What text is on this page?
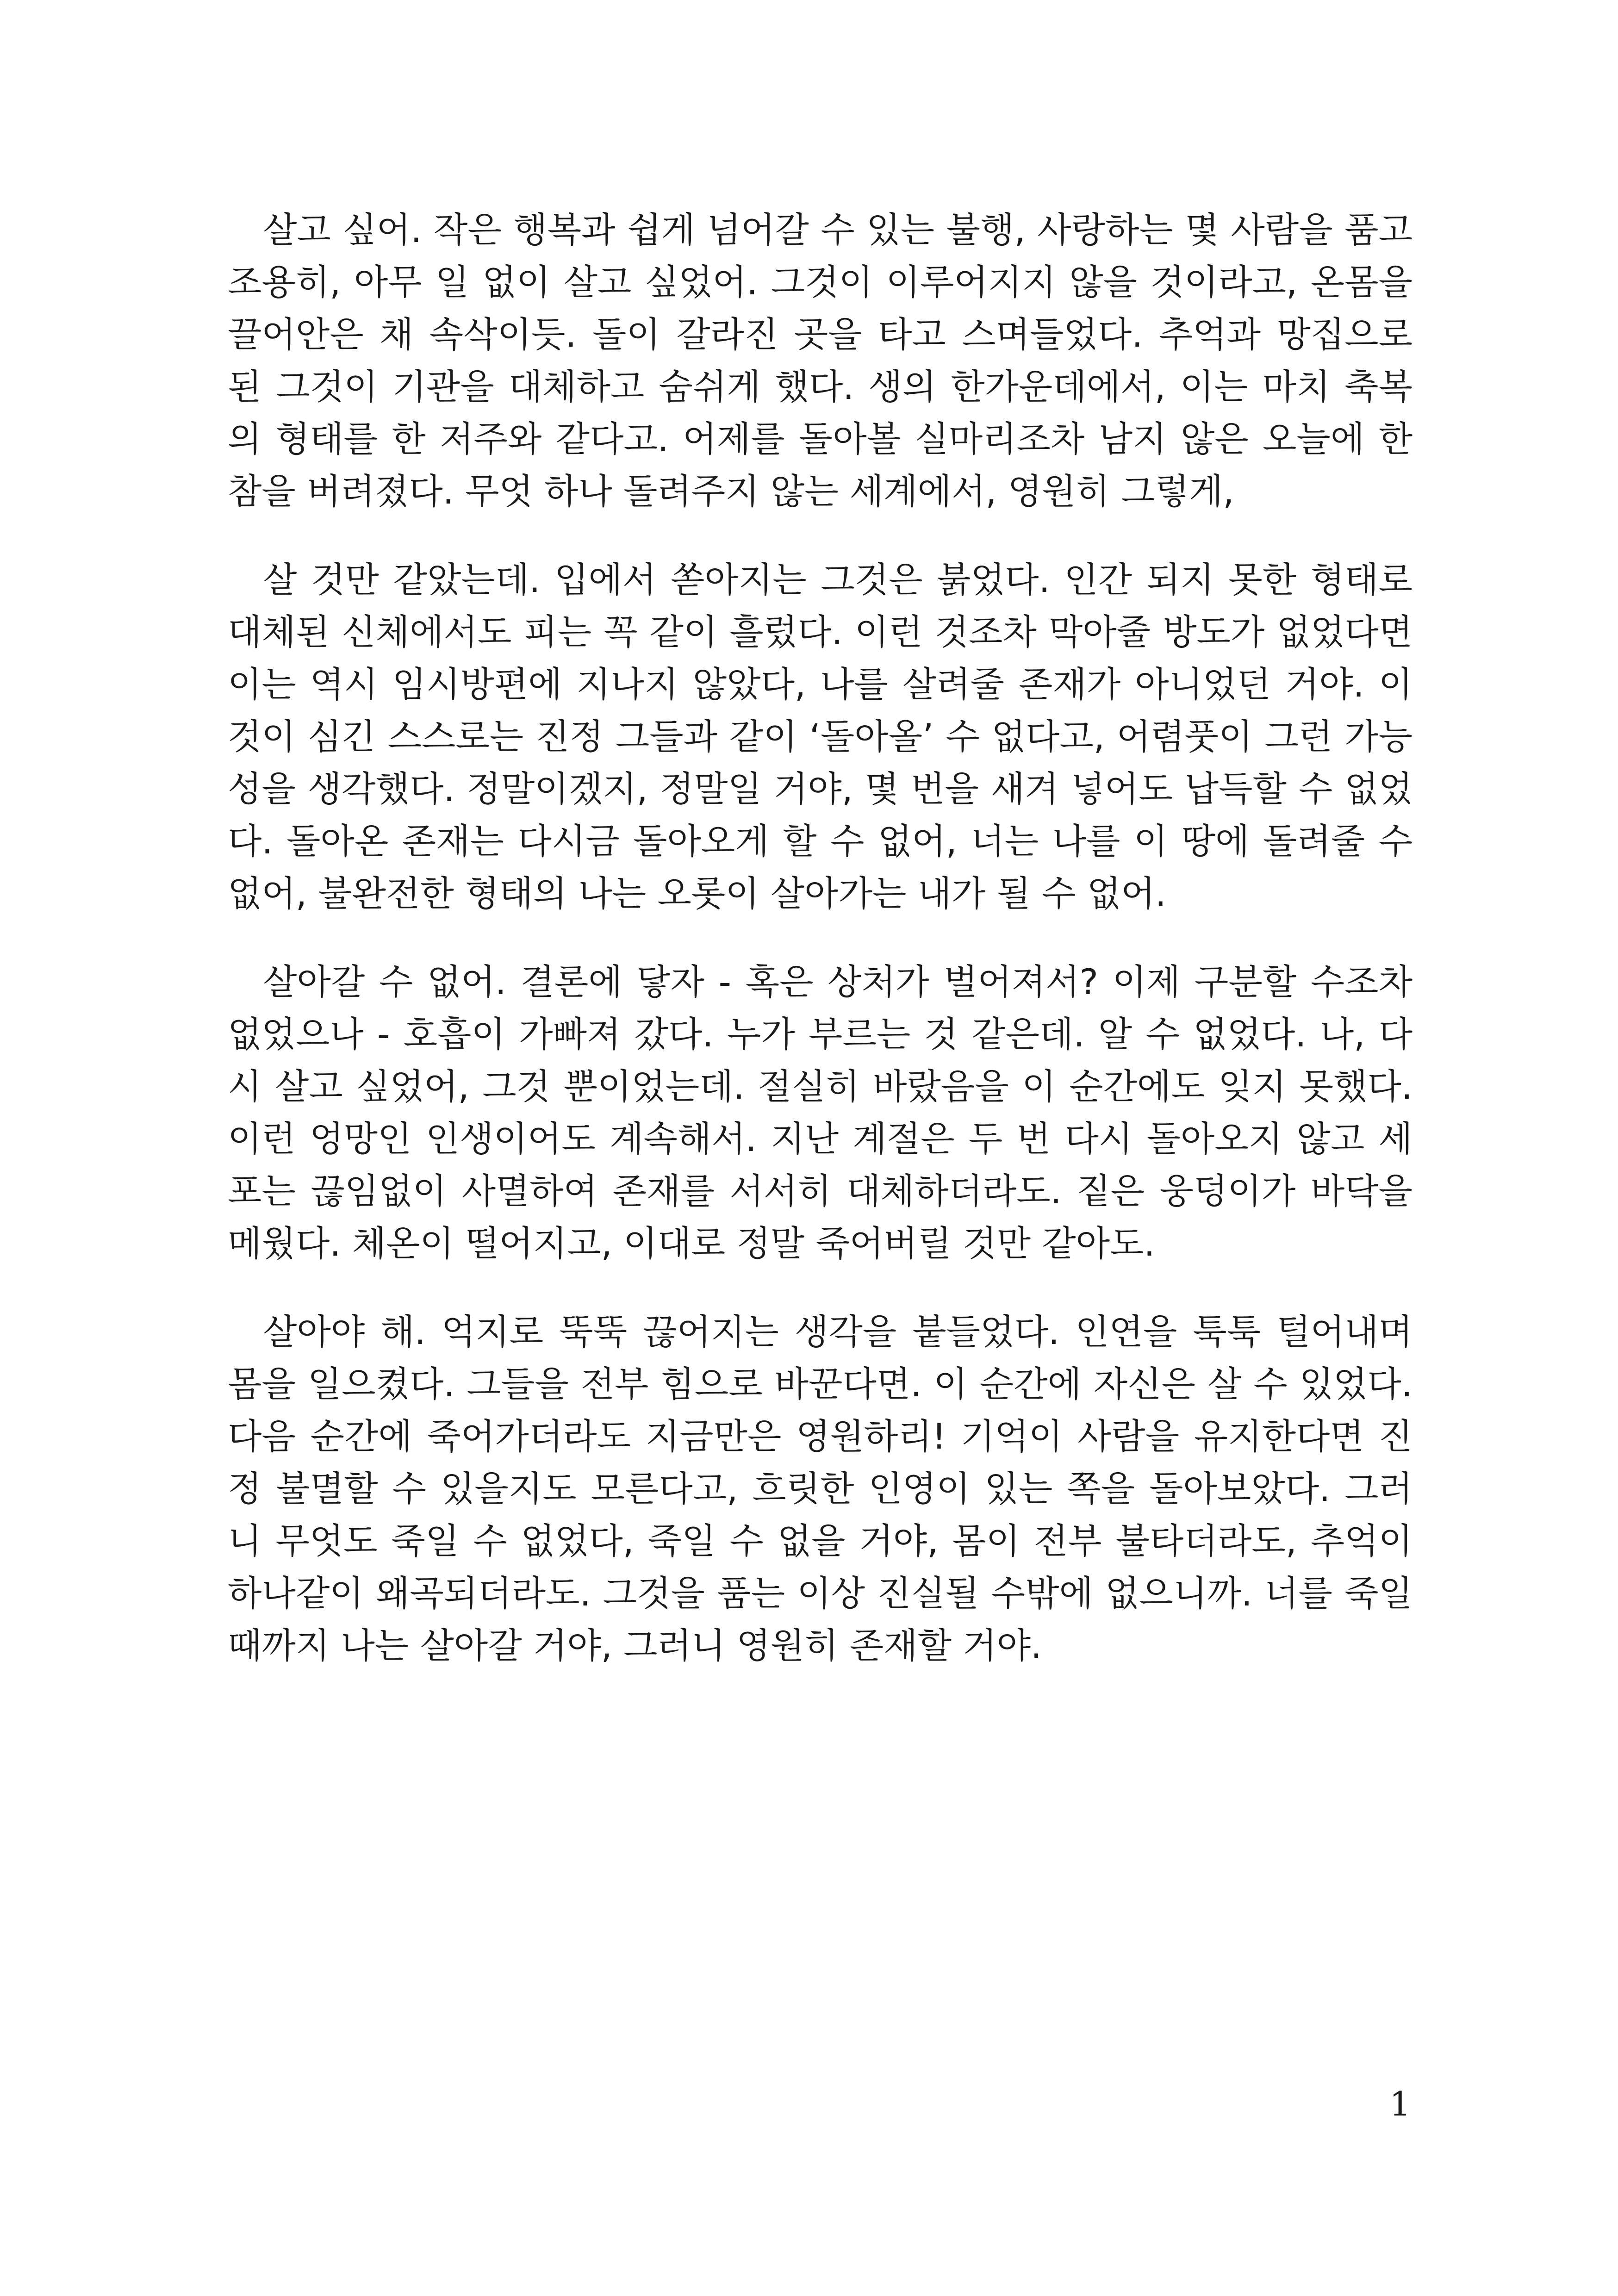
살고 싶어. 작은 행복과 쉽게 넘어갈 수 있는 불행, 사랑하는 몇 사람을 품고 조용히, 아무 일 없이 살고 싶었어. 그것이 이루어지지 않을 것이라고, 온몸을 끌어안은 채 속삭이듯. 돌이 갈라진 곳을 타고 스며들었다. 추억과 망집으로 된 그것이 기관을 대체하고 숨쉬게 했다. 생의 한가운데에서, 이는 마치 축복의 형태를 한 저주와 같다고. 어제를 돌아볼 실마리조차 남지 않은 오늘에 한참을 버려졌다. 무엇 하나 돌려주지 않는 세계에서, 영원히 그렇게,

살 것만 같았는데. 입에서 쏟아지는 그것은 붉었다. 인간 되지 못한 형태로 대체된 신체에서도 피는 꼭 같이 흘렀다. 이런 것조차 막아줄 방도가 없었다면 이는 역시 임시방편에 지나지 않았다, 나를 살려줄 존재가 아니었던 거야. 이것이 심긴 스스로는 진정 그들과 같이 ‘돌아올’ 수 없다고, 어렴풋이 그런 가능성을 생각했다. 정말이겠지, 정말일 거야, 몇 번을 새겨 넣어도 납득할 수 없었다. 돌아온 존재는 다시금 돌아오게 할 수 없어, 너는 나를 이 땅에 돌려줄 수 없어, 불완전한 형태의 나는 오롯이 살아가는 내가 될 수 없어.

살아갈 수 없어. 결론에 닿자 - 혹은 상처가 벌어져서? 이제 구분할 수조차 없었으나 - 호흡이 가빠져 갔다. 누가 부르는 것 같은데. 알 수 없었다. 나, 다시 살고 싶었어, 그것 뿐이었는데. 절실히 바랐음을 이 순간에도 잊지 못했다. 이런 엉망인 인생이어도 계속해서. 지난 계절은 두 번 다시 돌아오지 않고 세포는 끊임없이 사멸하여 존재를 서서히 대체하더라도. 짙은 웅덩이가 바닥을 메웠다. 체온이 떨어지고, 이대로 정말 죽어버릴 것만 같아도.

살아야 해. 억지로 뚝뚝 끊어지는 생각을 붙들었다. 인연을 툭툭 털어내며 몸을 일으켰다. 그들을 전부 힘으로 바꾼다면. 이 순간에 자신은 살 수 있었다. 다음 순간에 죽어가더라도 지금만은 영원하리! 기억이 사람을 유지한다면 진정 불멸할 수 있을지도 모른다고, 흐릿한 인영이 있는 쪽을 돌아보았다. 그러니 무엇도 죽일 수 없었다, 죽일 수 없을 거야, 몸이 전부 불타더라도, 추억이 하나같이 왜곡되더라도. 그것을 품는 이상 진실될 수밖에 없으니까. 너를 죽일 때까지 나는 살아갈 거야, 그러니 영원히 존재할 거야.

1
